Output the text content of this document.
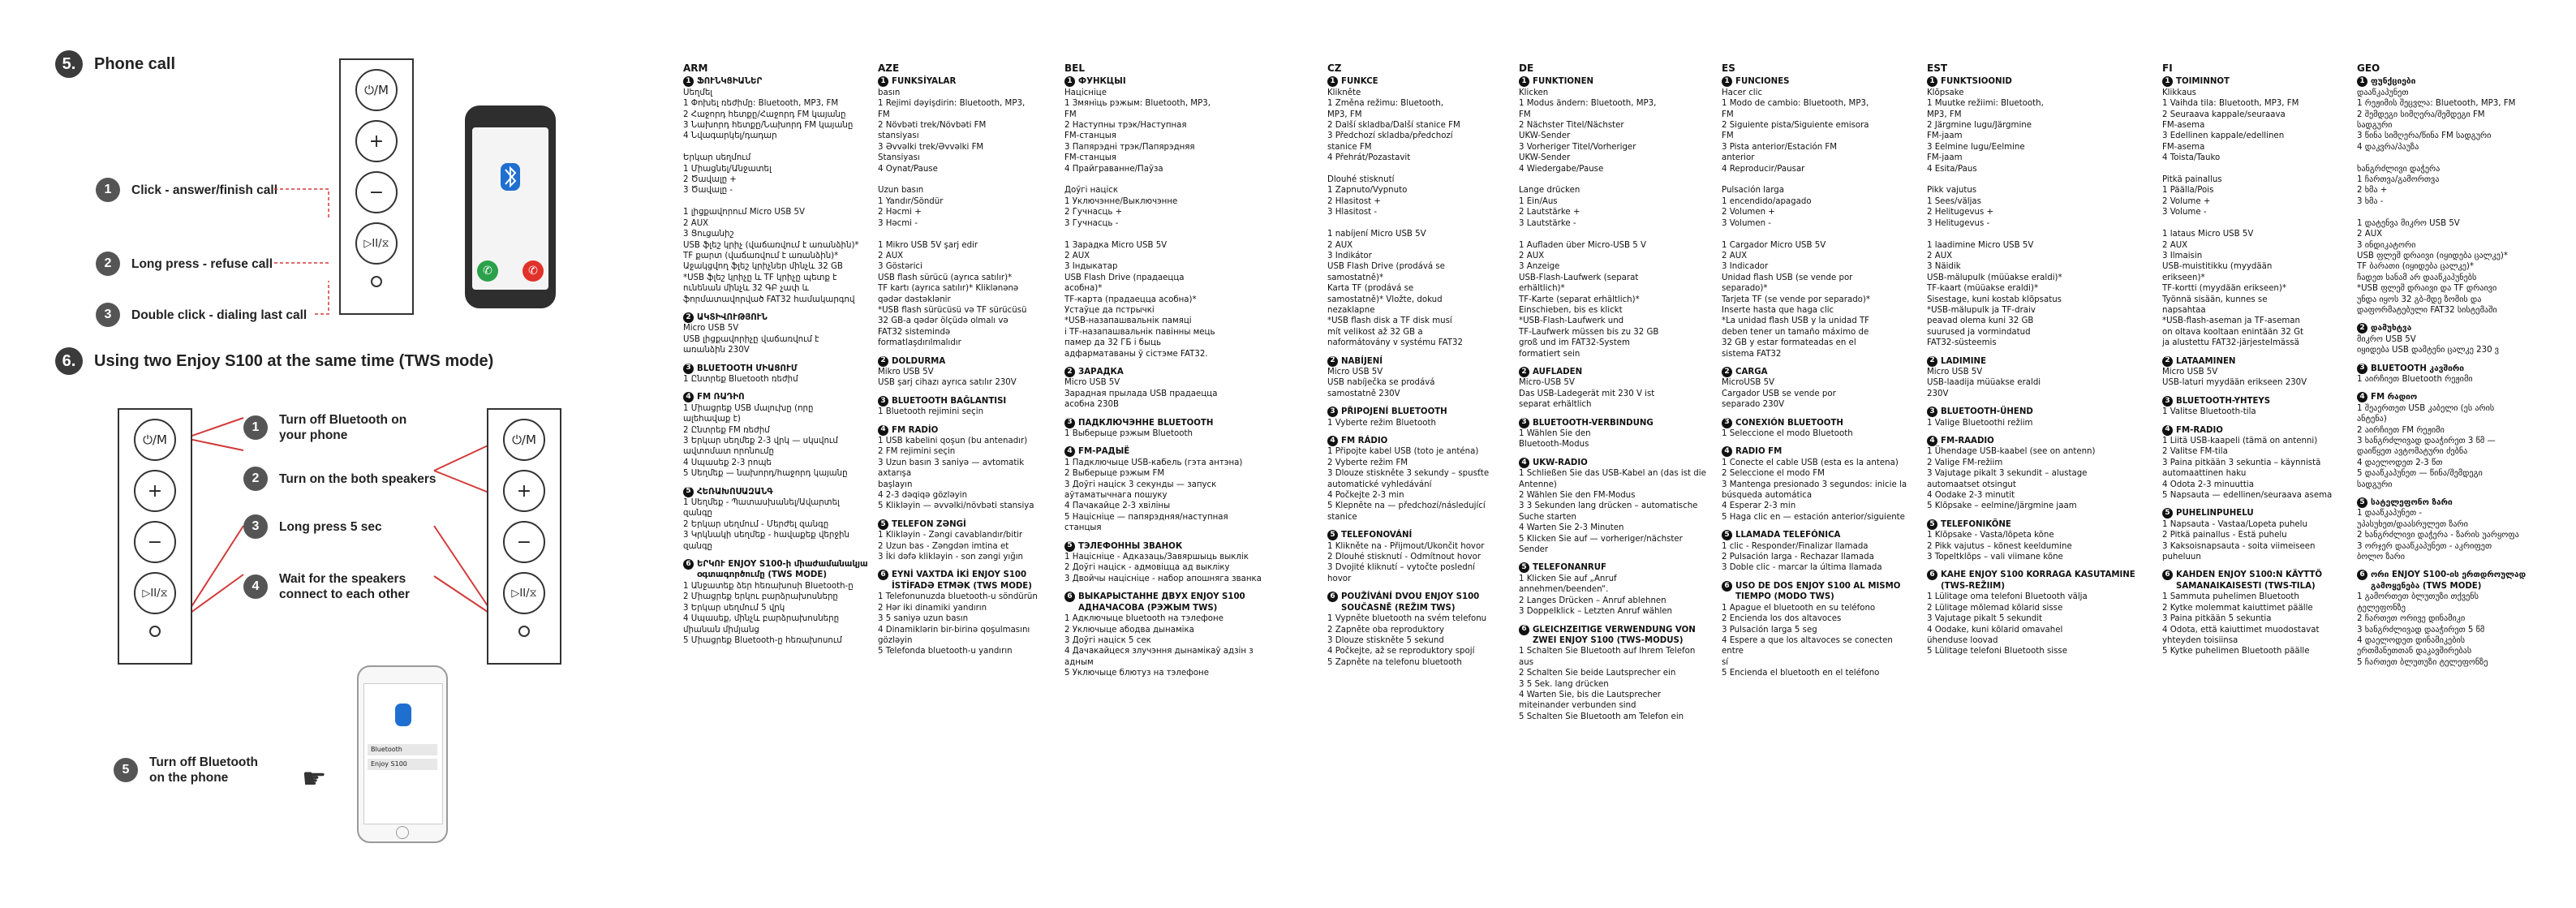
5.	Phone call
1	Click - answer/finish call
2	Long press - refuse call
3	Double click - dialing last call
⏻/M
+
−
▷II/⧖
✆	✆
6.	Using two Enjoy S100 at the same time (TWS mode)
⏻/M
+
−
▷II/⧖
⏻/M
+
−
▷II/⧖
1
Turn off Bluetooth on your phone
2	Turn on the both speakers
3	Long press 5 sec
4
Wait for the speakers connect to each other
5
Turn off Bluetooth on the phone	☛
Bluetooth
Enjoy S100
ARM
1 ՖՈՒՆԿՑԻԱՆԵՐ
Սեղմել
1 Փոխել ռեժիմը: Bluetooth, MP3, FM
2 Հաջորդ հետքը/Հաջորդ FM կայանը
3 Նախորդ հետքը/Նախորդ FM կայանը
4 Նվագարկել/դադար

Երկար սեղմում
1 Միացնել/Անջատել
2 Ծավալը +
3 Ծավալը -

1 լիցքավորում Micro USB 5V
2 AUX
3 Ցուցանիշ
USB ֆլեշ կրիչ (վաճառվում է առանձին)*
TF քարտ (վաճառվում է առանձին)*
Աջակցվող ֆլեշ կրիչներ մինչև 32 GB
*USB ֆլեշ կրիչը և TF կրիչը պետք է
ունենան մինչև 32 ԳԲ չափ և
ֆորմատավորված FAT32 համակարգով
2 ԱԿՏԻՎՈՒԹՅՈՒՆ
Micro USB 5V
USB լիցքավորիչը վաճառվում է
առանձին 230V
3 BLUETOOTH ՄԻԱՑՈՒՄ
1 Ընտրեք Bluetooth ռեժիմ
4 FM ՌԱԴԻՈ
1 Միացրեք USB մալուխը (որը
ալեհավաք է)
2 Ընտրեք FM ռեժիմ
3 Երկար սեղմեք 2-3 վրկ — սկսվում
ավտոմատ որոնումը
4 Սպասեք 2-3 րոպե
5 Սեղմեք — նախորդ/հաջորդ կայանը
5 ՀԵՌԱԽՈՍԱԶԱՆԳ
1 Սեղմեք - Պատասխանել/Ավարտել
զանգը
2 Երկար սեղմում - Մերժել զանգը
3 Կրկնակի սեղմեք - հավաքեք վերջին
զանգը
6 ԵՐԿՈՒ ENJOY S100-ի միաժամանակյա օգտագործումը (TWS MODE)
1 Անջատեք ձեր հեռախոսի Bluetooth-ը
2 Միացրեք երկու բարձրախոսները
3 Երկար սեղմում 5 վրկ
4 Սպասեք, մինչև բարձրախոսները
միանան միմյանց
5 Միացրեք Bluetooth-ը հեռախոսում
AZE
1 FUNKSİYALAR
basın
1 Rejimi dəyişdirin: Bluetooth, MP3,
FM
2 Növbəti trek/Növbəti FM
stansiyası
3 Əvvəlki trek/Əvvəlki FM
Stansiyası
4 Oynat/Pause

Uzun basın
1 Yandır/Söndür
2 Həcmi +
3 Həcmi -

1 Mikro USB 5V şarj edir
2 AUX
3 Göstərici
USB flash sürücü (ayrıca satılır)*
TF kartı (ayrıca satılır)* Kliklənənə
qədər dəstəklənir
*USB flash sürücüsü və TF sürücüsü
32 GB-a qədər ölçüdə olmalı və
FAT32 sistemində
formatlaşdırılmalıdır
2 DOLDURMA
Mikro USB 5V
USB şarj cihazı ayrıca satılır 230V
3 BLUETOOTH BAĞLANTISI
1 Bluetooth rejimini seçin
4 FM RADİO
1 USB kabelini qoşun (bu antenadır)
2 FM rejimini seçin
3 Uzun basın 3 saniyə — avtomatik axtarışa
başlayın
4 2-3 dəqiqə gözləyin
5 Klikləyin — əvvəlki/növbəti stansiya
5 TELEFON ZƏNGİ
1 Klikləyin - Zəngi cavablandır/bitir
2 Uzun bas - Zəngdən imtina et
3 İki dəfə klikləyin - son zəngi yığın
6 EYNİ VAXTDA İKİ ENJOY S100 İSTİFADƏ ETMƏK (TWS MODE)
1 Telefonunuzda bluetooth-u söndürün
2 Hər iki dinamiki yandırın
3 5 saniyə uzun basın
4 Dinamiklərin bir-birinə qoşulmasını
gözləyin
5 Telefonda bluetooth-u yandırın
BEL
1 ФУНКЦЫІ
Націсніце
1 Змяніць рэжым: Bluetooth, MP3,
FM
2 Наступны трэк/Наступная
FM-станцыя
3 Папярэдні трэк/Папярэдняя
FM-станцыя
4 Прайграванне/Паўза

Доўгі націск
1 Уключэнне/Выключэнне
2 Гучнасць +
3 Гучнасць -

1 Зарадка Micro USB 5V
2 AUX
3 Індыкатар
USB Flash Drive (прадаецца
асобна)*
TF-карта (прадаецца асобна)*
Устаўце да пстрычкі
*USB-назапашвальнік памяці
і TF-назапашвальнік павінны мець
памер да 32 ГБ і быць
адфарматаваны ў сістэме FAT32.
2 ЗАРАДКА
Micro USB 5V
Зарадная прылада USB прадаецца
асобна 230В
3 ПАДКЛЮЧЭННЕ BLUETOOTH
1 Выберыце рэжым Bluetooth
4 FM-РАДЫЁ
1 Падключыце USB-кабель (гэта антэна)
2 Выберыце рэжым FM
3 Доўгі націск 3 секунды — запуск
аўтаматычнага пошуку
4 Пачакайце 2-3 хвіліны
5 Націсніце — папярэдняя/наступная
станцыя
5 ТЭЛЕФОННЫ ЗВАНОК
1 Націсніце - Адказаць/Завяршыць выклік
2 Доўгі націск - адмовіцца ад выкліку
3 Двойчы націсніце - набор апошняга званка
6 ВЫКАРЫСТАННЕ ДВУХ ENJOY S100 АДНАЧАСОВА (РЭЖЫМ TWS)
1 Адключыце bluetooth на тэлефоне
2 Уключыце абодва дынаміка
3 Доўгі націск 5 сек
4 Дачакайцеся злучэння дынамікаў адзін з
адным
5 Уключыце блютуз на тэлефоне
CZ
1 FUNKCE
Klikněte
1 Změna režimu: Bluetooth,
MP3, FM
2 Další skladba/Další stanice FM
3 Předchozí skladba/předchozí
stanice FM
4 Přehrát/Pozastavit

Dlouhé stisknutí
1 Zapnuto/Vypnuto
2 Hlasitost +
3 Hlasitost -

1 nabíjení Micro USB 5V
2 AUX
3 Indikátor
USB Flash Drive (prodává se
samostatně)*
Karta TF (prodává se
samostatně)* Vložte, dokud
nezaklapne
*USB flash disk a TF disk musí
mít velikost až 32 GB a
naformátovány v systému FAT32
2 NABÍJENÍ
Micro USB 5V
USB nabíječka se prodává
samostatně 230V
3 PŘIPOJENÍ BLUETOOTH
1 Vyberte režim Bluetooth
4 FM RÁDIO
1 Připojte kabel USB (toto je anténa)
2 Vyberte režim FM
3 Dlouze stiskněte 3 sekundy – spusťte
automatické vyhledávání
4 Počkejte 2-3 min
5 Klepněte na — předchozí/následující
stanice
5 TELEFONOVÁNÍ
1 Klikněte na - Přijmout/Ukončit hovor
2 Dlouhé stisknutí - Odmítnout hovor
3 Dvojité kliknutí – vytočte poslední
hovor
6 POUŽÍVÁNÍ DVOU ENJOY S100 SOUČASNĚ (REŽIM TWS)
1 Vypněte bluetooth na svém telefonu
2 Zapněte oba reproduktory
3 Dlouze stiskněte 5 sekund
4 Počkejte, až se reproduktory spojí
5 Zapněte na telefonu bluetooth
DE
1 FUNKTIONEN
Klicken
1 Modus ändern: Bluetooth, MP3,
FM
2 Nächster Titel/Nächster
UKW-Sender
3 Vorheriger Titel/Vorheriger
UKW-Sender
4 Wiedergabe/Pause

Lange drücken
1 Ein/Aus
2 Lautstärke +
3 Lautstärke -

1 Aufladen über Micro-USB 5 V
2 AUX
3 Anzeige
USB-Flash-Laufwerk (separat
erhältlich)*
TF-Karte (separat erhältlich)*
Einschieben, bis es klickt
*USB-Flash-Laufwerk und
TF-Laufwerk müssen bis zu 32 GB
groß und im FAT32-System
formatiert sein
2 AUFLADEN
Micro-USB 5V
Das USB-Ladegerät mit 230 V ist
separat erhältlich
3 BLUETOOTH-VERBINDUNG
1 Wählen Sie den
Bluetooth-Modus
4 UKW-RADIO
1 Schließen Sie das USB-Kabel an (das ist die
Antenne)
2 Wählen Sie den FM-Modus
3 3 Sekunden lang drücken – automatische
Suche starten
4 Warten Sie 2-3 Minuten
5 Klicken Sie auf — vorheriger/nächster
Sender
5 TELEFONANRUF
1 Klicken Sie auf „Anruf
annehmen/beenden“.
2 Langes Drücken – Anruf ablehnen
3 Doppelklick – Letzten Anruf wählen
6 GLEICHZEITIGE VERWENDUNG VON ZWEI ENJOY S100 (TWS-MODUS)
1 Schalten Sie Bluetooth auf Ihrem Telefon
aus
2 Schalten Sie beide Lautsprecher ein
3 5 Sek. lang drücken
4 Warten Sie, bis die Lautsprecher
miteinander verbunden sind
5 Schalten Sie Bluetooth am Telefon ein
ES
1 FUNCIONES
Hacer clic
1 Modo de cambio: Bluetooth, MP3,
FM
2 Siguiente pista/Siguiente emisora
FM
3 Pista anterior/Estación FM
anterior
4 Reproducir/Pausar

Pulsación larga
1 encendido/apagado
2 Volumen +
3 Volumen -

1 Cargador Micro USB 5V
2 AUX
3 Indicador
Unidad flash USB (se vende por
separado)*
Tarjeta TF (se vende por separado)*
Inserte hasta que haga clic
*La unidad flash USB y la unidad TF
deben tener un tamaño máximo de
32 GB y estar formateadas en el
sistema FAT32
2 CARGA
MicroUSB 5V
Cargador USB se vende por
separado 230V
3 CONEXIÓN BLUETOOTH
1 Seleccione el modo Bluetooth
4 RADIO FM
1 Conecte el cable USB (esta es la antena)
2 Seleccione el modo FM
3 Mantenga presionado 3 segundos: inicie la
búsqueda automática
4 Esperar 2-3 min
5 Haga clic en — estación anterior/siguiente
5 LLAMADA TELEFÓNICA
1 clic - Responder/Finalizar llamada
2 Pulsación larga - Rechazar llamada
3 Doble clic - marcar la última llamada
6 USO DE DOS ENJOY S100 AL MISMO TIEMPO (MODO TWS)
1 Apague el bluetooth en su teléfono
2 Encienda los dos altavoces
3 Pulsación larga 5 seg
4 Espere a que los altavoces se conecten entre
sí
5 Encienda el bluetooth en el teléfono
EST
1 FUNKTSIOONID
Klõpsake
1 Muutke režiimi: Bluetooth,
MP3, FM
2 Järgmine lugu/Järgmine
FM-jaam
3 Eelmine lugu/Eelmine
FM-jaam
4 Esita/Paus

Pikk vajutus
1 Sees/väljas
2 Helitugevus +
3 Helitugevus -

1 laadimine Micro USB 5V
2 AUX
3 Näidik
USB-mälupulk (müüakse eraldi)*
TF-kaart (müüakse eraldi)*
Sisestage, kuni kostab klõpsatus
*USB-mälupulk ja TF-draiv
peavad olema kuni 32 GB
suurused ja vormindatud
FAT32-süsteemis
2 LADIMINE
Micro USB 5V
USB-laadija müüakse eraldi
230V
3 BLUETOOTH-ÜHEND
1 Valige Bluetoothi režiim
4 FM-RAADIO
1 Ühendage USB-kaabel (see on antenn)
2 Valige FM-režiim
3 Vajutage pikalt 3 sekundit – alustage
automaatset otsingut
4 Oodake 2-3 minutit
5 Klõpsake – eelmine/järgmine jaam
5 TELEFONIKÕNE
1 Klõpsake - Vasta/lõpeta kõne
2 Pikk vajutus – kõnest keeldumine
3 Topeltklõps – vali viimane kõne
6 KAHE ENJOY S100 KORRAGA KASUTAMINE (TWS-REŽIIM)
1 Lülitage oma telefoni Bluetooth välja
2 Lülitage mõlemad kõlarid sisse
3 Vajutage pikalt 5 sekundit
4 Oodake, kuni kõlarid omavahel
ühenduse loovad
5 Lülitage telefoni Bluetooth sisse
FI
1 TOIMINNOT
Klikkaus
1 Vaihda tila: Bluetooth, MP3, FM
2 Seuraava kappale/seuraava
FM-asema
3 Edellinen kappale/edellinen
FM-asema
4 Toista/Tauko

Pitkä painallus
1 Päälla/Pois
2 Volume +
3 Volume -

1 lataus Micro USB 5V
2 AUX
3 Ilmaisin
USB-muistitikku (myydään
erikseen)*
TF-kortti (myydään erikseen)*
Työnnä sisään, kunnes se
napsahtaa
*USB-flash-aseman ja TF-aseman
on oltava kooltaan enintään 32 Gt
ja alustettu FAT32-järjestelmässä
2 LATAAMINEN
Micro USB 5V
USB-laturi myydään erikseen 230V
3 BLUETOOTH-YHTEYS
1 Valitse Bluetooth-tila
4 FM-RADIO
1 Liitä USB-kaapeli (tämä on antenni)
2 Valitse FM-tila
3 Paina pitkään 3 sekuntia – käynnistä
automaattinen haku
4 Odota 2-3 minuuttia
5 Napsauta — edellinen/seuraava asema
5 PUHELINPUHELU
1 Napsauta - Vastaa/Lopeta puhelu
2 Pitkä painallus - Estä puhelu
3 Kaksoisnapsauta - soita viimeiseen
puheluun
6 KAHDEN ENJOY S100:N KÄYTTÖ SAMANAIKAISESTI (TWS-TILA)
1 Sammuta puhelimen Bluetooth
2 Kytke molemmat kaiuttimet päälle
3 Paina pitkään 5 sekuntia
4 Odota, että kaiuttimet muodostavat
yhteyden toisiinsa
5 Kytke puhelimen Bluetooth päälle
GEO
1 ფუნქციები
დააწკაპუნეთ
1 რეჟიმის შეცვლა: Bluetooth, MP3, FM
2 შემდეგი სიმღერა/შემდეგი FM
სადგური
3 წინა სიმღერა/წინა FM სადგური
4 დაკვრა/პაუზა

ხანგრძლივი დაჭერა
1 ჩართვა/გამორთვა
2 ხმა +
3 ხმა -

1 დატენვა მიკრო USB 5V
2 AUX
3 ინდიკატორი
USB ფლეშ დრაივი (იყიდება ცალკე)*
TF ბარათი (იყიდება ცალკე)*
ჩადეთ სანამ არ დააწკაპუნებს
*USB ფლეშ დრაივი და TF დრაივი
უნდა იყოს 32 გბ-მდე ზომის და
დაფორმატებული FAT32 სისტემაში
2 დამუხტვა
მიკრო USB 5V
იყიდება USB დამტენი ცალკე 230 ვ
3 BLUETOOTH კავშირი
1 აირჩიეთ Bluetooth რეჟიმი
4 FM რადიო
1 შეაერთეთ USB კაბელი (ეს არის
ანტენა)
2 აირჩიეთ FM რეჟიმი
3 ხანგრძლივად დააჭირეთ 3 წმ —
დაიწყეთ ავტომატური ძებნა
4 დაელოდეთ 2-3 წთ
5 დააწკაპუნეთ — წინა/შემდეგი
სადგური
5 სატელეფონო ზარი
1 დააწკაპუნეთ -
უპასუხეთ/დაასრულეთ ზარი
2 ხანგრძლივი დაჭერა - ზარის უარყოფა
3 ორჯერ დააწკაპუნეთ - აკრიფეთ
ბოლო ზარი
6 ორი ENJOY S100-ის ერთდროულად გამოყენება (TWS MODE)
1 გამორთეთ ბლუთუზი თქვენს
ტელეფონზე
2 ჩართეთ ორივე დინამიკი
3 ხანგრძლივად დააჭირეთ 5 წმ
4 დაელოდეთ დინამიკების
ერთმანეთთან დაკავშირებას
5 ჩართეთ ბლუთუზი ტელეფონზე
